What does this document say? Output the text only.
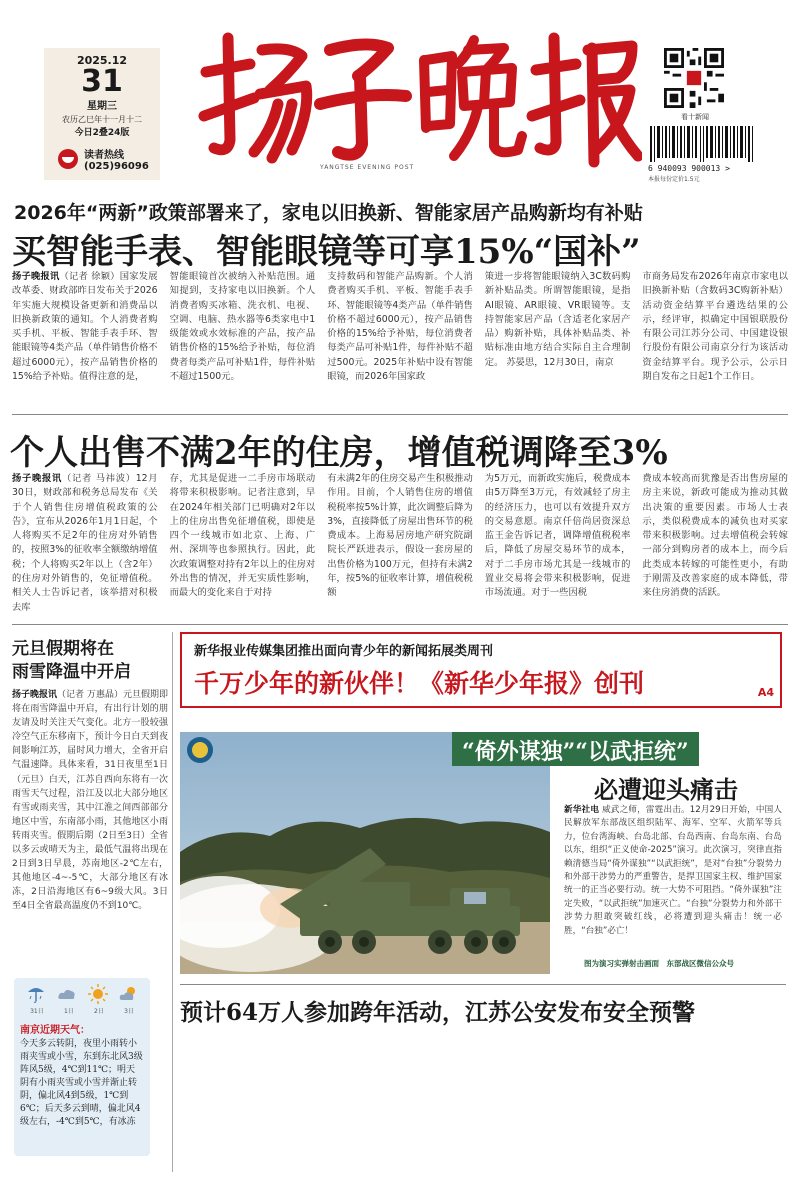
2025.12
31
星期三
农历乙巳年十一月十二
今日2叠24版
读者热线
(025)96096	YANGTSE EVENING POST
看十新闻
6 940093 900013 >
本报每份定价1.5元
2026年“两新”政策部署来了，家电以旧换新、智能家居产品购新均有补贴
买智能手表、智能眼镜等可享15%“国补”

扬子晚报讯（记者 徐颖）国家发展改革委、财政部昨日发布关于2026年实施大规模设备更新和消费品以旧换新政策的通知。个人消费者购买手机、平板、智能手表手环、智能眼镜等4类产品（单件销售价格不超过6000元），按产品销售价格的15%给予补贴。值得注意的是，

智能眼镜首次被纳入补贴范围。通知提到，支持家电以旧换新。个人消费者购买冰箱、洗衣机、电视、空调、电脑、热水器等6类家电中1级能效或水效标准的产品，按产品销售价格的15%给予补贴，每位消费者每类产品可补贴1件，每件补贴不超过1500元。

支持数码和智能产品购新。个人消费者购买手机、平板、智能手表手环、智能眼镜等4类产品（单件销售价格不超过6000元），按产品销售价格的15%给予补贴，每位消费者每类产品可补贴1件，每件补贴不超过500元。2025年补贴中设有智能眼镜，而2026年国家政

策进一步将智能眼镜纳入3C数码购新补贴品类。所谓智能眼镜，是指AI眼镜、AR眼镜、VR眼镜等。支持智能家居产品（含适老化家居产品）购新补贴，具体补贴品类、补贴标准由地方结合实际自主合理制定。 苏晏思，12月30日，南京

市商务局发布2026年南京市家电以旧换新补贴（含数码3C购新补贴）活动资金结算平台遴选结果的公示，经评审，拟确定中国银联股份有限公司江苏分公司、中国建设银行股份有限公司南京分行为该活动资金结算平台。现予公示，公示日期自发布之日起1个工作日。

个人出售不满2年的住房，增值税调降至3%

扬子晚报讯（记者 马祎波）12月30日，财政部和税务总局发布《关于个人销售住房增值税政策的公告》，宣布从2026年1月1日起，个人将购买不足2年的住房对外销售的，按照3%的征收率全额缴纳增值税；个人将购买2年以上（含2年）的住房对外销售的，免征增值税。相关人士告诉记者，该举措对积极去库

存，尤其是促进一二手房市场联动将带来积极影响。记者注意到，早在2024年相关部门已明确对2年以上的住房出售免征增值税，即使是四个一线城市如北京、上海、广州、深圳等也参照执行。因此，此次政策调整对持有2年以上的住房对外出售的情况，并无实质性影响，而最大的变化来自于对持

有未满2年的住房交易产生积极推动作用。目前，个人销售住房的增值税税率按5%计算，此次调整后降为3%，直接降低了房屋出售环节的税费成本。上海易居房地产研究院副院长严跃进表示，假设一套房屋的出售价格为100万元，但持有未满2年，按5%的征收率计算，增值税税额

为5万元，而新政实施后，税费成本由5万降至3万元，有效减轻了房主的经济压力，也可以有效提升双方的交易意愿。南京仟倍尚居资深总监王金告诉记者，调降增值税税率后，降低了房屋交易环节的成本，对于二手房市场尤其是一线城市的置业交易将会带来积极影响，促进市场流通。对于一些因税

费成本较高而犹豫是否出售房屋的房主来说，新政可能成为推动其做出决策的重要因素。市场人士表示，类似税费成本的减负也对买家带来积极影响。过去增值税会转嫁一部分到购房者的成本上，而今后此类成本转嫁的可能性更小，有助于刚需及改善家庭的成本降低，带来住房消费的活跃。

元旦假期将在
雨雪降温中开启
扬子晚报讯（记者 万惠晶）元旦假期即将在雨雪降温中开启，有出行计划的朋友请及时关注天气变化。北方一股较强冷空气正东移南下，预计今日白天到夜间影响江苏，届时风力增大，全省开启气温速降。具体来看，31日夜里至1日（元旦）白天，江苏自西向东将有一次雨雪天气过程，沿江及以北大部分地区有雪或雨夹雪，其中江淮之间西部部分地区中雪，东南部小雨，其他地区小雨转雨夹雪。假期后期（2日至3日）全省以多云或晴天为主，最低气温将出现在2日到3日早晨，苏南地区-2℃左右，其他地区-4~-5℃，大部分地区有冰冻，2日沿海地区有6~9级大风。3日至4日全省最高温度仍不到10℃。
31日	1日	2日	3日
南京近期天气：
今天多云转阴，夜里小雨转小雨夹雪或小雪，东到东北风3级阵风5级，4℃到11℃；明天阴有小雨夹雪或小雪并渐止转阴，偏北风4到5级，1℃到6℃；后天多云到晴，偏北风4级左右，-4℃到5℃，有冰冻
新华报业传媒集团推出面向青少年的新闻拓展类周刊
千万少年的新伙伴！《新华少年报》创刊	A4
“倚外谋独”“以武拒统”
必遭迎头痛击
新华社电 威武之师，雷霆出击。12月29日开始，中国人民解放军东部战区组织陆军、海军、空军、火箭军等兵力，位台湾海峡、台岛北部、台岛西南、台岛东南、台岛以东，组织“正义使命-2025”演习。此次演习，突律直指赖清德当局“倚外谋独”“以武拒统”，是对“台独”分裂势力和外部干涉势力的严重警告，是捍卫国家主权、维护国家统一的正当必要行动。统一大势不可阻挡。“倚外谋独”注定失败，“以武拒统”加速灭亡。“台独”分裂势力和外部干涉势力胆敢突破红线，必将遭到迎头痛击！统一必胜，“台独”必亡！
图为演习实弹射击画面　 东部战区微信公众号
预计64万人参加跨年活动，江苏公安发布安全预警
